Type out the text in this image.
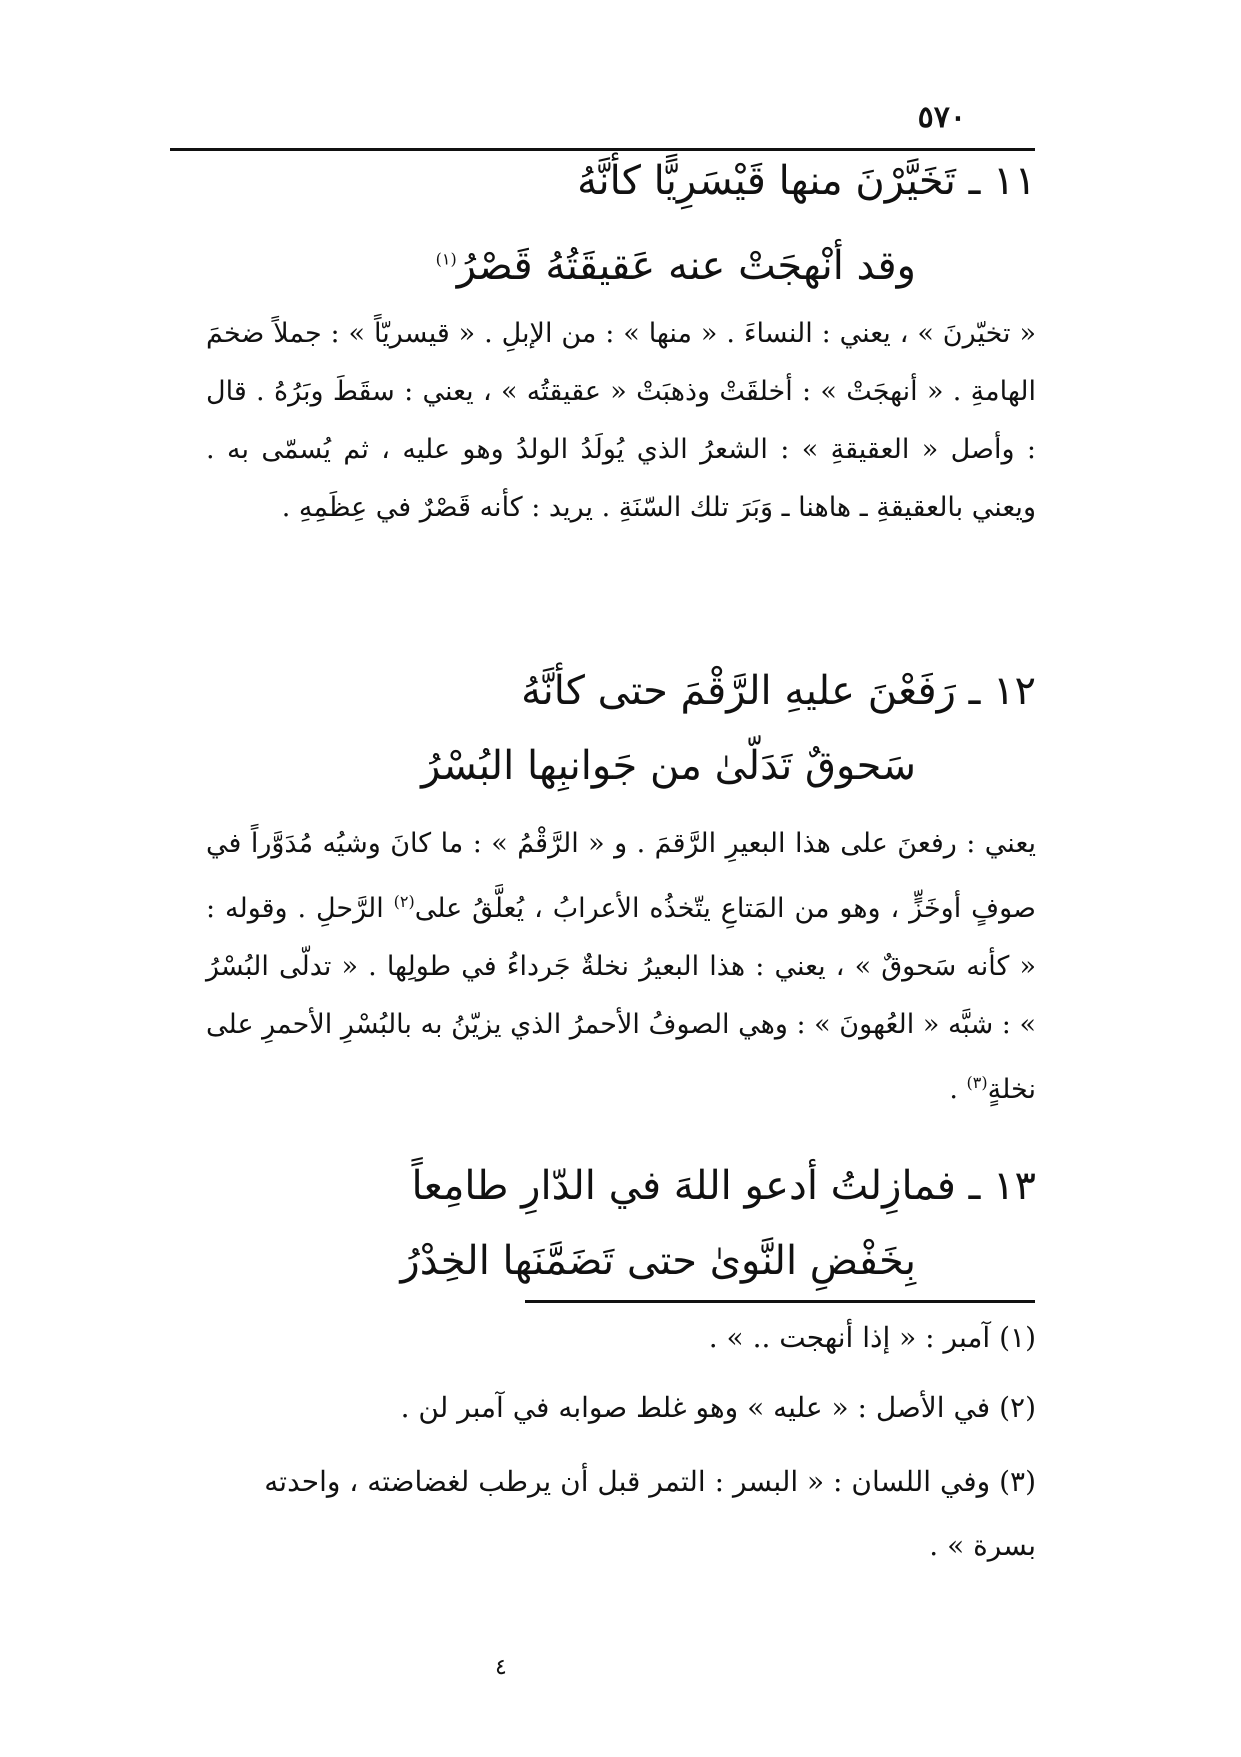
٥٧٠
١١ ـ تَخَيَّرْنَ منها قَيْسَرِيًّا كأنَّهُ
وقد أنْهجَتْ عنه عَقيقَتُهُ قَصْرُ$^{(١)}$
« تخيّرنَ » ، يعني : النساءَ . « منها » : من الإبلِ . « قيسريّاً » : جملاً ضخمَ الهامةِ . « أنهجَتْ » : أخلقَتْ وذهبَتْ « عقيقتُه » ، يعني : سقَطَ وبَرُهُ . قال : وأصل « العقيقةِ » : الشعرُ الذي يُولَدُ الولدُ وهو عليه ، ثم يُسمّى به . ويعني بالعقيقةِ ـ هاهنا ـ وَبَرَ تلك السّنَةِ . يريد : كأنه قَصْرٌ في عِظَمِهِ .
١٢ ـ رَفَعْنَ عليهِ الرَّقْمَ حتى كأنَّهُ
سَحوقٌ تَدَلّىٰ من جَوانبِها البُسْرُ
يعني : رفعنَ على هذا البعيرِ الرَّقمَ . و « الرَّقْمُ » : ما كانَ وشيُه مُدَوَّراً في صوفٍ أوخَزٍّ ، وهو من المَتاعِ يتّخذُه الأعرابُ ، يُعلَّقُ على$^{(٢)}$ الرَّحلِ . وقوله : « كأنه سَحوقٌ » ، يعني : هذا البعيرُ نخلةٌ جَرداءُ في طولِها . « تدلّى البُسْرُ » : شبَّه « العُهونَ » : وهي الصوفُ الأحمرُ الذي يزيّنُ به بالبُسْرِ الأحمرِ على نخلةٍ$^{(٣)}$ .
١٣ ـ فمازِلتُ أدعو اللهَ في الدّارِ طامِعاً
بِخَفْضِ النَّوىٰ حتى تَضَمَّنَها الخِدْرُ
(١) آمبر : « إذا أنهجت .. » .
(٢) في الأصل : « عليه » وهو غلط صوابه في آمبر لن .
(٣) وفي اللسان : « البسر : التمر قبل أن يرطب لغضاضته ، واحدته بسرة » .
٤
